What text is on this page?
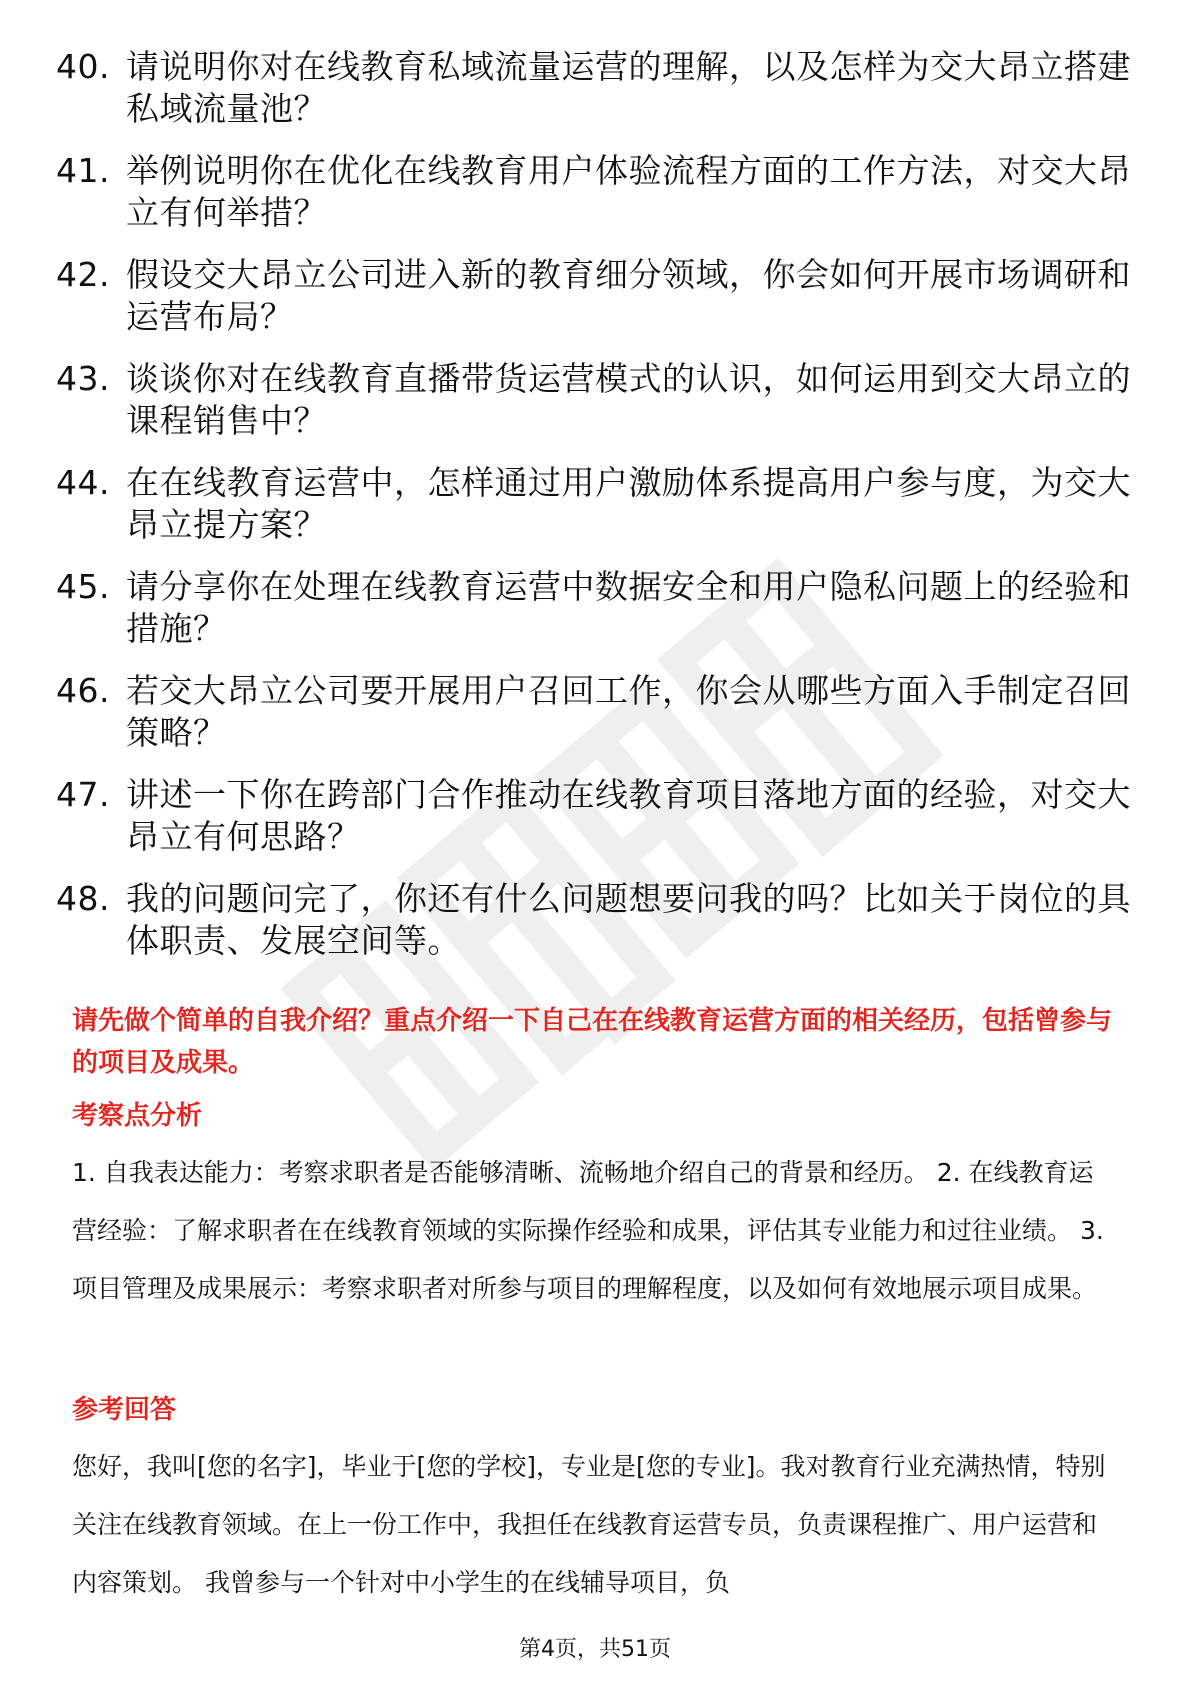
40. 请说明你对在线教育私域流量运营的理解，以及怎样为交大昂立搭建私域流量池？
41. 举例说明你在优化在线教育用户体验流程方面的工作方法，对交大昂立有何举措？
42. 假设交大昂立公司进入新的教育细分领域，你会如何开展市场调研和运营布局？
43. 谈谈你对在线教育直播带货运营模式的认识，如何运用到交大昂立的课程销售中？
44. 在在线教育运营中，怎样通过用户激励体系提高用户参与度，为交大昂立提方案？
45. 请分享你在处理在线教育运营中数据安全和用户隐私问题上的经验和措施？
46. 若交大昂立公司要开展用户召回工作，你会从哪些方面入手制定召回策略？
47. 讲述一下你在跨部门合作推动在线教育项目落地方面的经验，对交大昂立有何思路？
48. 我的问题问完了，你还有什么问题想要问我的吗？比如关于岗位的具体职责、发展空间等。
请先做个简单的自我介绍？重点介绍一下自己在在线教育运营方面的相关经历，包括曾参与的项目及成果。
考察点分析
1. 自我表达能力：考察求职者是否能够清晰、流畅地介绍自己的背景和经历。 2. 在线教育运营经验：了解求职者在在线教育领域的实际操作经验和成果，评估其专业能力和过往业绩。 3. 项目管理及成果展示：考察求职者对所参与项目的理解程度，以及如何有效地展示项目成果。
参考回答
您好，我叫[您的名字]，毕业于[您的学校]，专业是[您的专业]。我对教育行业充满热情，特别关注在线教育领域。在上一份工作中，我担任在线教育运营专员，负责课程推广、用户运营和内容策划。 我曾参与一个针对中小学生的在线辅导项目，负
第4页，共51页
